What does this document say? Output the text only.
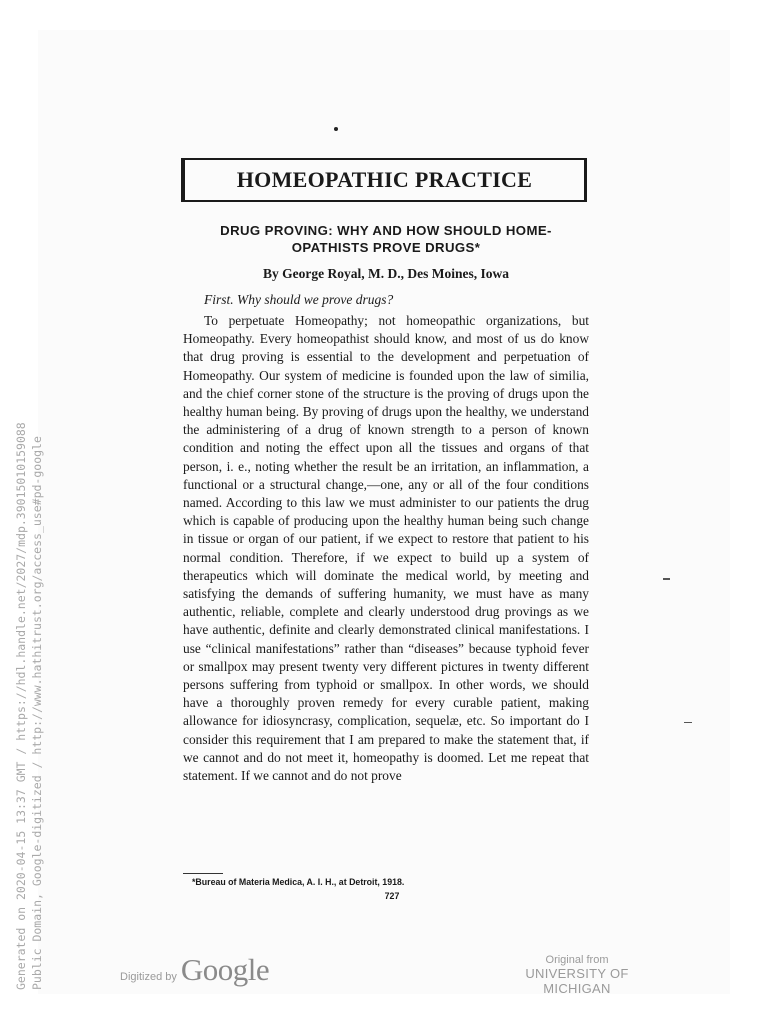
HOMEOPATHIC PRACTICE
DRUG PROVING: WHY AND HOW SHOULD HOME-OPATHISTS PROVE DRUGS*

By George Royal, M. D., Des Moines, Iowa

First. Why should we prove drugs?

To perpetuate Homeopathy; not homeopathic organizations, but Homeopathy. Every homeopathist should know, and most of us do know that drug proving is essential to the development and perpetuation of Homeopathy. Our system of medicine is founded upon the law of similia, and the chief corner stone of the structure is the proving of drugs upon the healthy human being. By proving of drugs upon the healthy, we understand the administering of a drug of known strength to a person of known condition and noting the effect upon all the tissues and organs of that person, i. e., noting whether the result be an irritation, an inflammation, a functional or a structural change,—one, any or all of the four conditions named. According to this law we must administer to our patients the drug which is capable of producing upon the healthy human being such change in tissue or organ of our patient, if we expect to restore that patient to his normal condition. Therefore, if we expect to build up a system of therapeutics which will dominate the medical world, by meeting and satisfying the demands of suffering humanity, we must have as many authentic, reliable, complete and clearly understood drug provings as we have authentic, definite and clearly demonstrated clinical manifestations. I use “clinical manifestations” rather than “diseases” because typhoid fever or smallpox may present twenty very different pictures in twenty different persons suffering from typhoid or smallpox. In other words, we should have a thoroughly proven remedy for every curable patient, making allowance for idiosyncrasy, complication, sequelæ, etc. So important do I consider this requirement that I am prepared to make the statement that, if we cannot and do not meet it, homeopathy is doomed. Let me repeat that statement. If we cannot and do not prove

*Bureau of Materia Medica, A. I. H., at Detroit, 1918.

727

Generated on 2020-04-15 13:37 GMT / https://hdl.handle.net/2027/mdp.39015010159088 Public Domain, Google-digitized / http://www.hathitrust.org/access_use#pd-google	Digitized by Google	Original from
UNIVERSITY OF MICHIGAN
